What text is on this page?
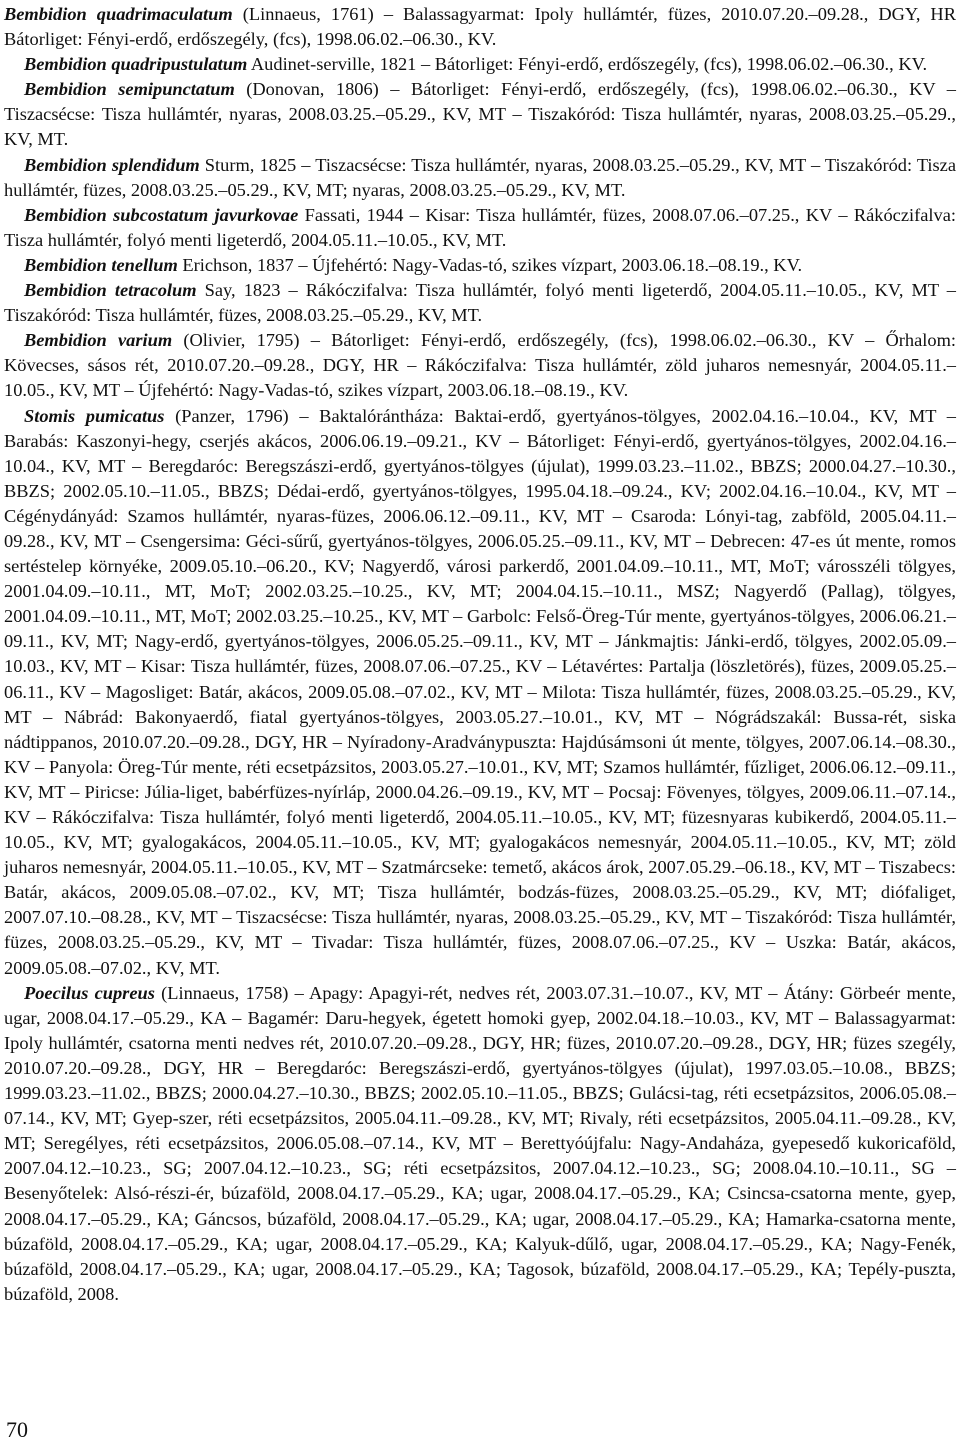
Bembidion quadrimaculatum (Linnaeus, 1761) – Balassagyarmat: Ipoly hullámtér, füzes, 2010.07.20.–09.28., DGY, HR Bátorliget: Fényi-erdő, erdőszegély, (fcs), 1998.06.02.–06.30., KV.

Bembidion quadripustulatum Audinet-serville, 1821 – Bátorliget: Fényi-erdő, erdőszegély, (fcs), 1998.06.02.–06.30., KV.

Bembidion semipunctatum (Donovan, 1806) – Bátorliget: Fényi-erdő, erdőszegély, (fcs), 1998.06.02.–06.30., KV – Tiszacsécse: Tisza hullámtér, nyaras, 2008.03.25.–05.29., KV, MT – Tiszakóród: Tisza hullámtér, nyaras, 2008.03.25.–05.29., KV, MT.

Bembidion splendidum Sturm, 1825 – Tiszacsécse: Tisza hullámtér, nyaras, 2008.03.25.–05.29., KV, MT – Tiszakóród: Tisza hullámtér, füzes, 2008.03.25.–05.29., KV, MT; nyaras, 2008.03.25.–05.29., KV, MT.

Bembidion subcostatum javurkovae Fassati, 1944 – Kisar: Tisza hullámtér, füzes, 2008.07.06.–07.25., KV – Rákóczifalva: Tisza hullámtér, folyó menti ligeterdő, 2004.05.11.–10.05., KV, MT.

Bembidion tenellum Erichson, 1837 – Újfehértó: Nagy-Vadas-tó, szikes vízpart, 2003.06.18.–08.19., KV.

Bembidion tetracolum Say, 1823 – Rákóczifalva: Tisza hullámtér, folyó menti ligeterdő, 2004.05.11.–10.05., KV, MT – Tiszakóród: Tisza hullámtér, füzes, 2008.03.25.–05.29., KV, MT.

Bembidion varium (Olivier, 1795) – Bátorliget: Fényi-erdő, erdőszegély, (fcs), 1998.06.02.–06.30., KV – Őrhalom: Kövecses, sásos rét, 2010.07.20.–09.28., DGY, HR – Rákóczifalva: Tisza hullámtér, zöld juharos nemesnyár, 2004.05.11.–10.05., KV, MT – Újfehértó: Nagy-Vadas-tó, szikes vízpart, 2003.06.18.–08.19., KV.

Stomis pumicatus (Panzer, 1796) – Baktalórántháza: Baktai-erdő, gyertyános-tölgyes, 2002.04.16.–10.04., KV, MT – Barabás: Kaszonyi-hegy, cserjés akácos, 2006.06.19.–09.21., KV – Bátorliget: Fényi-erdő, gyertyános-tölgyes, 2002.04.16.–10.04., KV, MT – Beregdaróc: Beregszászi-erdő, gyertyános-tölgyes (újulat), 1999.03.23.–11.02., BBZS; 2000.04.27.–10.30., BBZS; 2002.05.10.–11.05., BBZS; Dédai-erdő, gyertyános-tölgyes, 1995.04.18.–09.24., KV; 2002.04.16.–10.04., KV, MT – Cégénydányád: Szamos hullámtér, nyaras-füzes, 2006.06.12.–09.11., KV, MT – Csaroda: Lónyi-tag, zabföld, 2005.04.11.–09.28., KV, MT – Csengersima: Géci-sűrű, gyertyános-tölgyes, 2006.05.25.–09.11., KV, MT – Debrecen: 47-es út mente, romos sertéstelep környéke, 2009.05.10.–06.20., KV; Nagyerdő, városi parkerdő, 2001.04.09.–10.11., MT, MoT; városszéli tölgyes, 2001.04.09.–10.11., MT, MoT; 2002.03.25.–10.25., KV, MT; 2004.04.15.–10.11., MSZ; Nagyerdő (Pallag), tölgyes, 2001.04.09.–10.11., MT, MoT; 2002.03.25.–10.25., KV, MT – Garbolc: Felső-Öreg-Túr mente, gyertyános-tölgyes, 2006.06.21.–09.11., KV, MT; Nagy-erdő, gyertyános-tölgyes, 2006.05.25.–09.11., KV, MT – Jánkmajtis: Jánki-erdő, tölgyes, 2002.05.09.–10.03., KV, MT – Kisar: Tisza hullámtér, füzes, 2008.07.06.–07.25., KV – Létavértes: Partalja (löszletörés), füzes, 2009.05.25.–06.11., KV – Magosliget: Batár, akácos, 2009.05.08.–07.02., KV, MT – Milota: Tisza hullámtér, füzes, 2008.03.25.–05.29., KV, MT – Nábrád: Bakonyaerdő, fiatal gyertyános-tölgyes, 2003.05.27.–10.01., KV, MT – Nógrádszakál: Bussa-rét, siska nádtippanos, 2010.07.20.–09.28., DGY, HR – Nyíradony-Aradványpuszta: Hajdúsámsoni út mente, tölgyes, 2007.06.14.–08.30., KV – Panyola: Öreg-Túr mente, réti ecsetpázsitos, 2003.05.27.–10.01., KV, MT; Szamos hullámtér, fűzliget, 2006.06.12.–09.11., KV, MT – Piricse: Júlia-liget, babérfüzes-nyírláp, 2000.04.26.–09.19., KV, MT – Pocsaj: Fövenyes, tölgyes, 2009.06.11.–07.14., KV – Rákóczifalva: Tisza hullámtér, folyó menti ligeterdő, 2004.05.11.–10.05., KV, MT; füzesnyaras kubikerdő, 2004.05.11.–10.05., KV, MT; gyalogakácos, 2004.05.11.–10.05., KV, MT; gyalogakácos nemesnyár, 2004.05.11.–10.05., KV, MT; zöld juharos nemesnyár, 2004.05.11.–10.05., KV, MT – Szatmárcseke: temető, akácos árok, 2007.05.29.–06.18., KV, MT – Tiszabecs: Batár, akácos, 2009.05.08.–07.02., KV, MT; Tisza hullámtér, bodzás-füzes, 2008.03.25.–05.29., KV, MT; diófaliget, 2007.07.10.–08.28., KV, MT – Tiszacsécse: Tisza hullámtér, nyaras, 2008.03.25.–05.29., KV, MT – Tiszakóród: Tisza hullámtér, füzes, 2008.03.25.–05.29., KV, MT – Tivadar: Tisza hullámtér, füzes, 2008.07.06.–07.25., KV – Uszka: Batár, akácos, 2009.05.08.–07.02., KV, MT.

Poecilus cupreus (Linnaeus, 1758) – Apagy: Apagyi-rét, nedves rét, 2003.07.31.–10.07., KV, MT – Átány: Görbeér mente, ugar, 2008.04.17.–05.29., KA – Bagamér: Daru-hegyek, égetett homoki gyep, 2002.04.18.–10.03., KV, MT – Balassagyarmat: Ipoly hullámtér, csatorna menti nedves rét, 2010.07.20.–09.28., DGY, HR; füzes, 2010.07.20.–09.28., DGY, HR; füzes szegély, 2010.07.20.–09.28., DGY, HR – Beregdaróc: Beregszászi-erdő, gyertyános-tölgyes (újulat), 1997.03.05.–10.08., BBZS; 1999.03.23.–11.02., BBZS; 2000.04.27.–10.30., BBZS; 2002.05.10.–11.05., BBZS; Gulácsi-tag, réti ecsetpázsitos, 2006.05.08.–07.14., KV, MT; Gyep-szer, réti ecsetpázsitos, 2005.04.11.–09.28., KV, MT; Rivaly, réti ecsetpázsitos, 2005.04.11.–09.28., KV, MT; Seregélyes, réti ecsetpázsitos, 2006.05.08.–07.14., KV, MT – Berettyóújfalu: Nagy-Andaháza, gyepesedő kukoricaföld, 2007.04.12.–10.23., SG; 2007.04.12.–10.23., SG; réti ecsetpázsitos, 2007.04.12.–10.23., SG; 2008.04.10.–10.11., SG – Besenyőtelek: Alsó-részi-ér, búzaföld, 2008.04.17.–05.29., KA; ugar, 2008.04.17.–05.29., KA; Csincsa-csatorna mente, gyep, 2008.04.17.–05.29., KA; Gáncsos, búzaföld, 2008.04.17.–05.29., KA; ugar, 2008.04.17.–05.29., KA; Hamarka-csatorna mente, búzaföld, 2008.04.17.–05.29., KA; ugar, 2008.04.17.–05.29., KA; Kalyuk-dűlő, ugar, 2008.04.17.–05.29., KA; Nagy-Fenék, búzaföld, 2008.04.17.–05.29., KA; ugar, 2008.04.17.–05.29., KA; Tagosok, búzaföld, 2008.04.17.–05.29., KA; Tepély-puszta, búzaföld, 2008.

70
